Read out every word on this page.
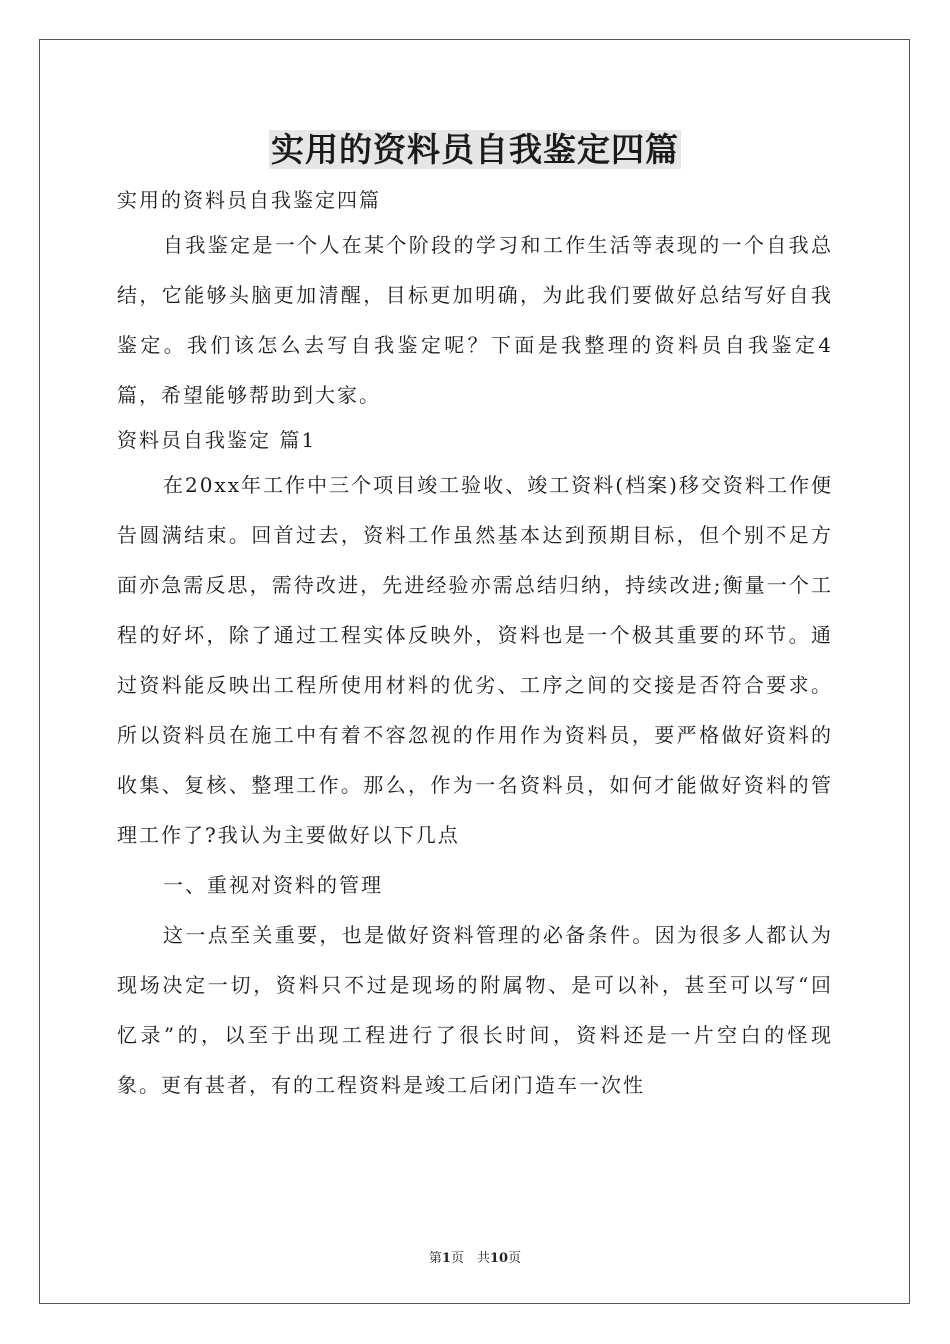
实用的资料员自我鉴定四篇

实用的资料员自我鉴定四篇

自我鉴定是一个人在某个阶段的学习和工作生活等表现的一个自我总结，它能够头脑更加清醒，目标更加明确，为此我们要做好总结写好自我鉴定。我们该怎么去写自我鉴定呢？下面是我整理的资料员自我鉴定4篇，希望能够帮助到大家。

资料员自我鉴定 篇1

在20xx年工作中三个项目竣工验收、竣工资料(档案)移交资料工作便告圆满结束。回首过去，资料工作虽然基本达到预期目标，但个别不足方面亦急需反思，需待改进，先进经验亦需总结归纳，持续改进;衡量一个工程的好坏，除了通过工程实体反映外，资料也是一个极其重要的环节。通过资料能反映出工程所使用材料的优劣、工序之间的交接是否符合要求。所以资料员在施工中有着不容忽视的作用作为资料员，要严格做好资料的收集、复核、整理工作。那么，作为一名资料员，如何才能做好资料的管理工作了?我认为主要做好以下几点

一、重视对资料的管理

这一点至关重要，也是做好资料管理的必备条件。因为很多人都认为现场决定一切，资料只不过是现场的附属物、是可以补，甚至可以写“回忆录”的，以至于出现工程进行了很长时间，资料还是一片空白的怪现象。更有甚者，有的工程资料是竣工后闭门造车一次性

第1页　共10页
